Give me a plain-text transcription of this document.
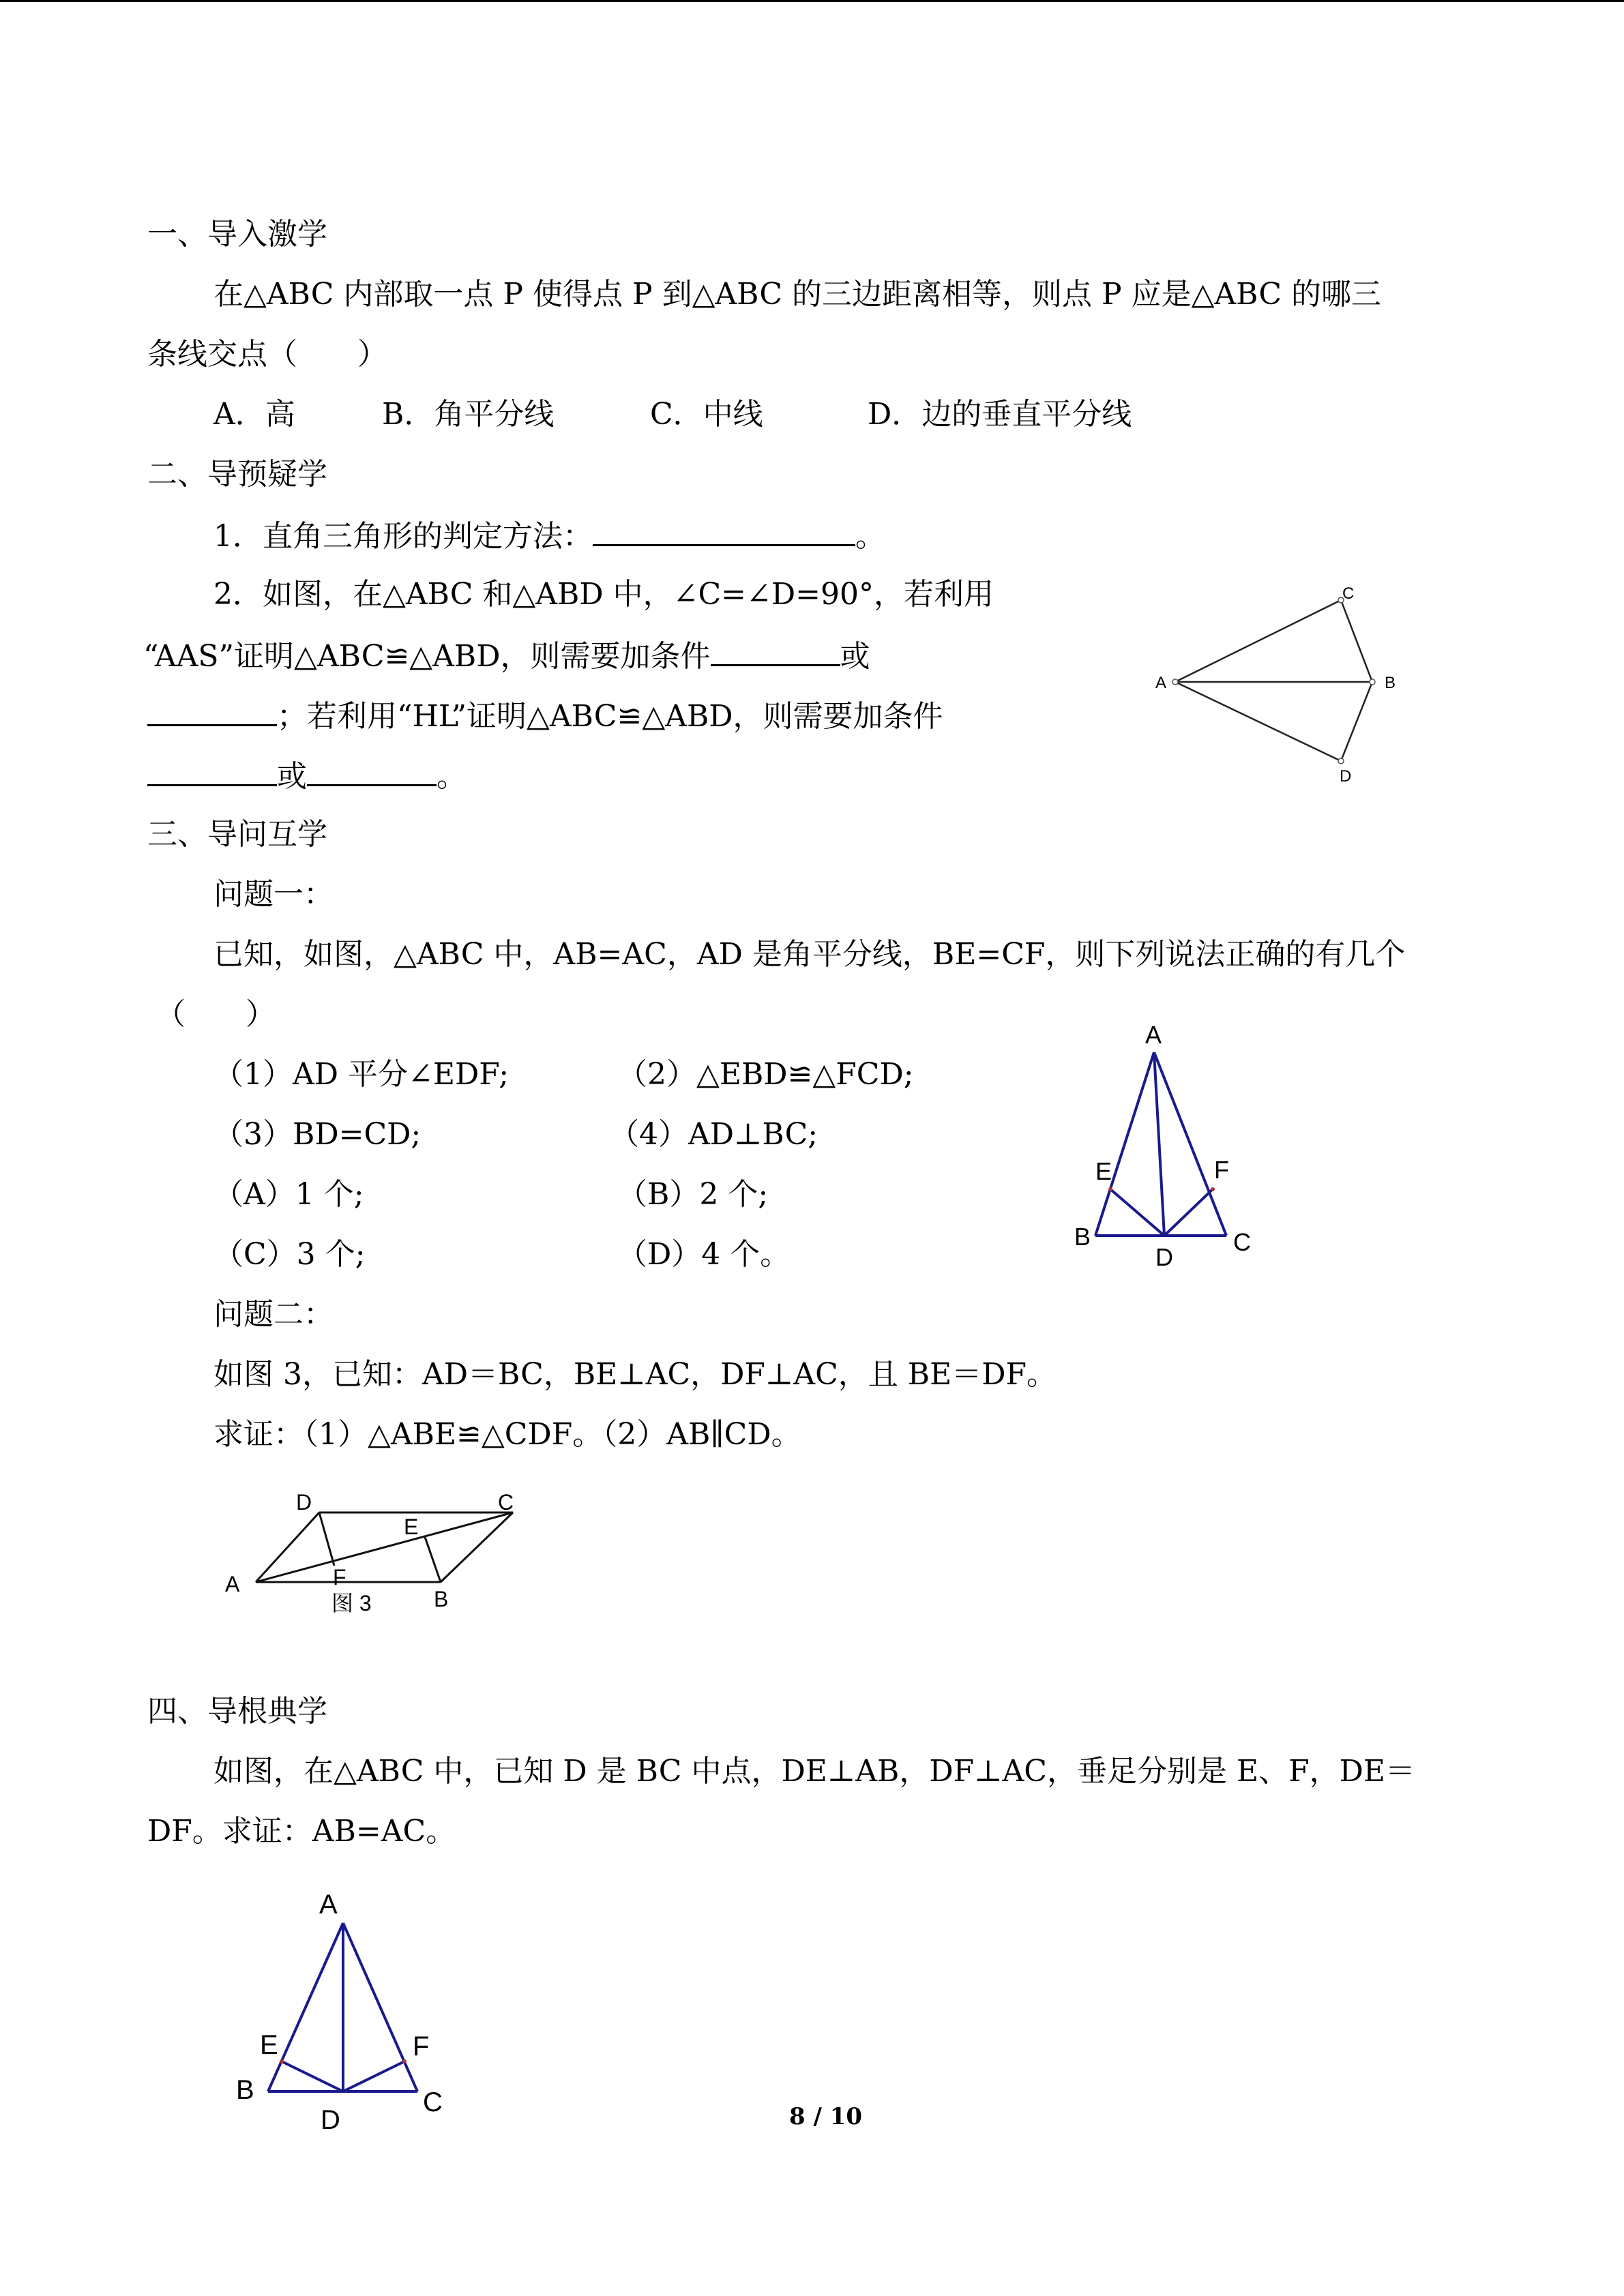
一、导入激学
在△ABC 内部取一点 P 使得点 P 到△ABC 的三边距离相等，则点 P 应是△ABC 的哪三
条线交点（　　）
A．高	B．角平分线	C．中线	D．边的垂直平分线
二、导预疑学
1．直角三角形的判定方法：	。
2．如图，在△ABC 和△ABD 中，∠C=∠D=90°，若利用
“AAS”证明△ABC≌△ABD，则需要加条件	或
；若利用“HL”证明△ABC≌△ABD，则需要加条件
或	。
A
C
B
D
三、导问互学
问题一：
已知，如图，△ABC 中，AB=AC，AD 是角平分线，BE=CF，则下列说法正确的有几个
（　　）
（1）AD 平分∠EDF;	（2）△EBD≌△FCD;
（3）BD=CD;	（4）AD⊥BC;
（A）1 个;	（B）2 个;
（C）3 个;	（D）4 个。
A
E	F
B	C
D
问题二：
如图 3，已知：AD＝BC，BE⊥AC，DF⊥AC，且 BE＝DF。
求证：（1）△ABE≌△CDF。（2）AB∥CD。
D	C
E
A	F
B
图 3
四、导根典学
如图，在△ABC 中，已知 D 是 BC 中点，DE⊥AB，DF⊥AC，垂足分别是 E、F，DE＝
DF。求证：AB=AC。
A
E	F
B	C
D	8 / 10
